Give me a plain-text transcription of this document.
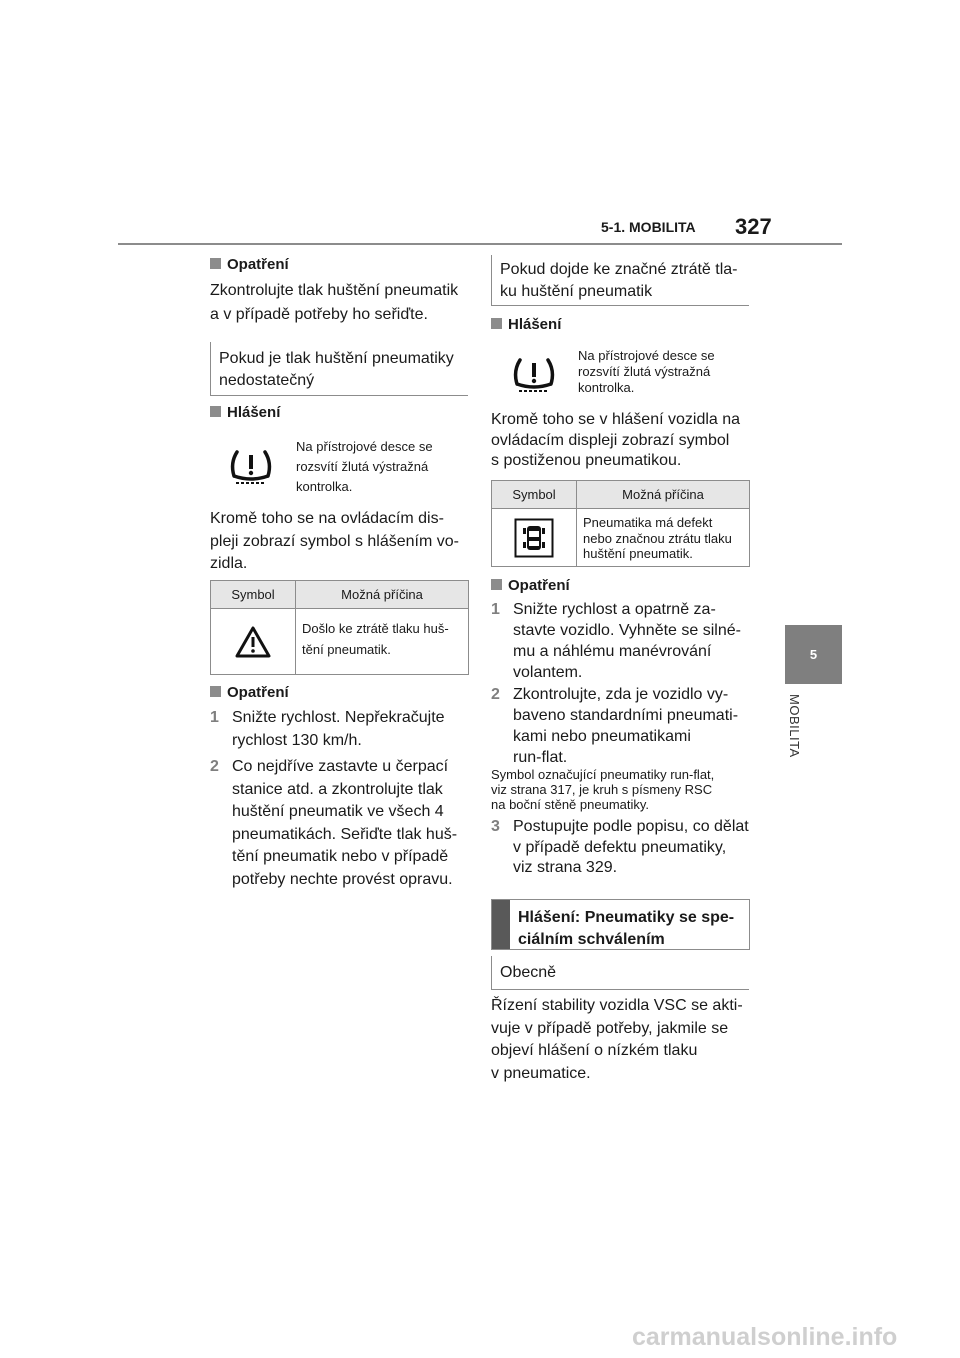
5-1. MOBILITA 327
5
MOBILITA
Opatření
Zkontrolujte tlak huštění pneumatik
a v případě potřeby ho seřiďte.
Pokud je tlak huštění pneumatiky
nedostatečný
Hlášení
Na přístrojové desce se
rozsvítí žlutá výstražná
kontrolka.
Kromě toho se na ovládacím dis-
pleji zobrazí symbol s hlášením vo-
zidla.
Symbol	Možná příčina

Došlo ke ztrátě tlaku huš-
tění pneumatik.
Opatření
1 Snižte rychlost. Nepřekračujte
rychlost 130 km/h.
2 Co nejdříve zastavte u čerpací
stanice atd. a zkontrolujte tlak
huštění pneumatik ve všech 4
pneumatikách. Seřiďte tlak huš-
tění pneumatik nebo v případě
potřeby nechte provést opravu.
Pokud dojde ke značné ztrátě tla-
ku huštění pneumatik
Hlášení
Na přístrojové desce se
rozsvítí žlutá výstražná
kontrolka.
Kromě toho se v hlášení vozidla na
ovládacím displeji zobrazí symbol
s postiženou pneumatikou.
Symbol	Možná příčina

Pneumatika má defekt
nebo značnou ztrátu tlaku
huštění pneumatik.
Opatření
1 Snižte rychlost a opatrně za-
stavte vozidlo. Vyhněte se silné-
mu a náhlému manévrování
volantem.
2 Zkontrolujte, zda je vozidlo vy-
baveno standardními pneumati-
kami nebo pneumatikami
run-flat.
Symbol označující pneumatiky run-flat,
viz strana 317, je kruh s písmeny RSC
na boční stěně pneumatiky.
3 Postupujte podle popisu, co dělat
v případě defektu pneumatiky,
viz strana 329.
Hlášení: Pneumatiky se spe-
ciálním schválením
Obecně
Řízení stability vozidla VSC se akti-
vuje v případě potřeby, jakmile se
objeví hlášení o nízkém tlaku
v pneumatice.
carmanualsonline.info
